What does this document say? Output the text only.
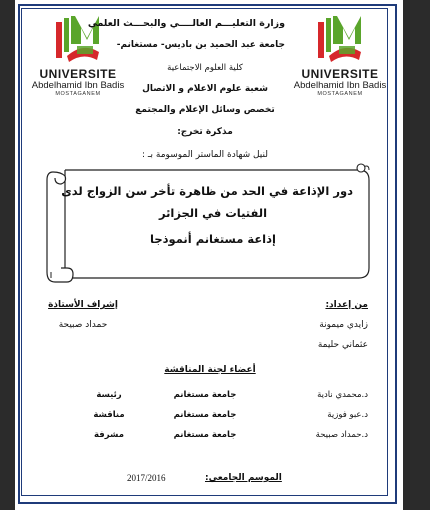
UNIVERSITE
Abdelhamid Ibn Badis
MOSTAGANEM
UNIVERSITE
Abdelhamid Ibn Badis
MOSTAGANEM
وزارة التعليـــم العالــــي والبحـــث العلمي
جامعة عبد الحميد بن باديس- مستغانم-
كلية العلوم الاجتماعية
شعبة علوم الاعلام و الاتصال
تخصص وسائل الإعلام والمجتمع
مذكرة تخرج:
لنيل شهادة الماستر الموسومة بـ :
دور الإذاعة في الحد من ظاهرة تأخر سن الزواج لدى
الفتيات في الجزائر
إذاعة مستغانم أنموذجا
من إعداد:
زايدي ميمونة
عثماني حليمة
إشراف الأستاذة
حمداد صبيحة
أعضاء لجنة المناقشة
د.محمدي نادية
جامعة مستغانم
رئيسة
د.عبو فوزية
جامعة مستغانم
مناقشة
د.حمداد صبيحة
جامعة مستغانم
مشرفة
الموسم الجامعي:
2017/2016
